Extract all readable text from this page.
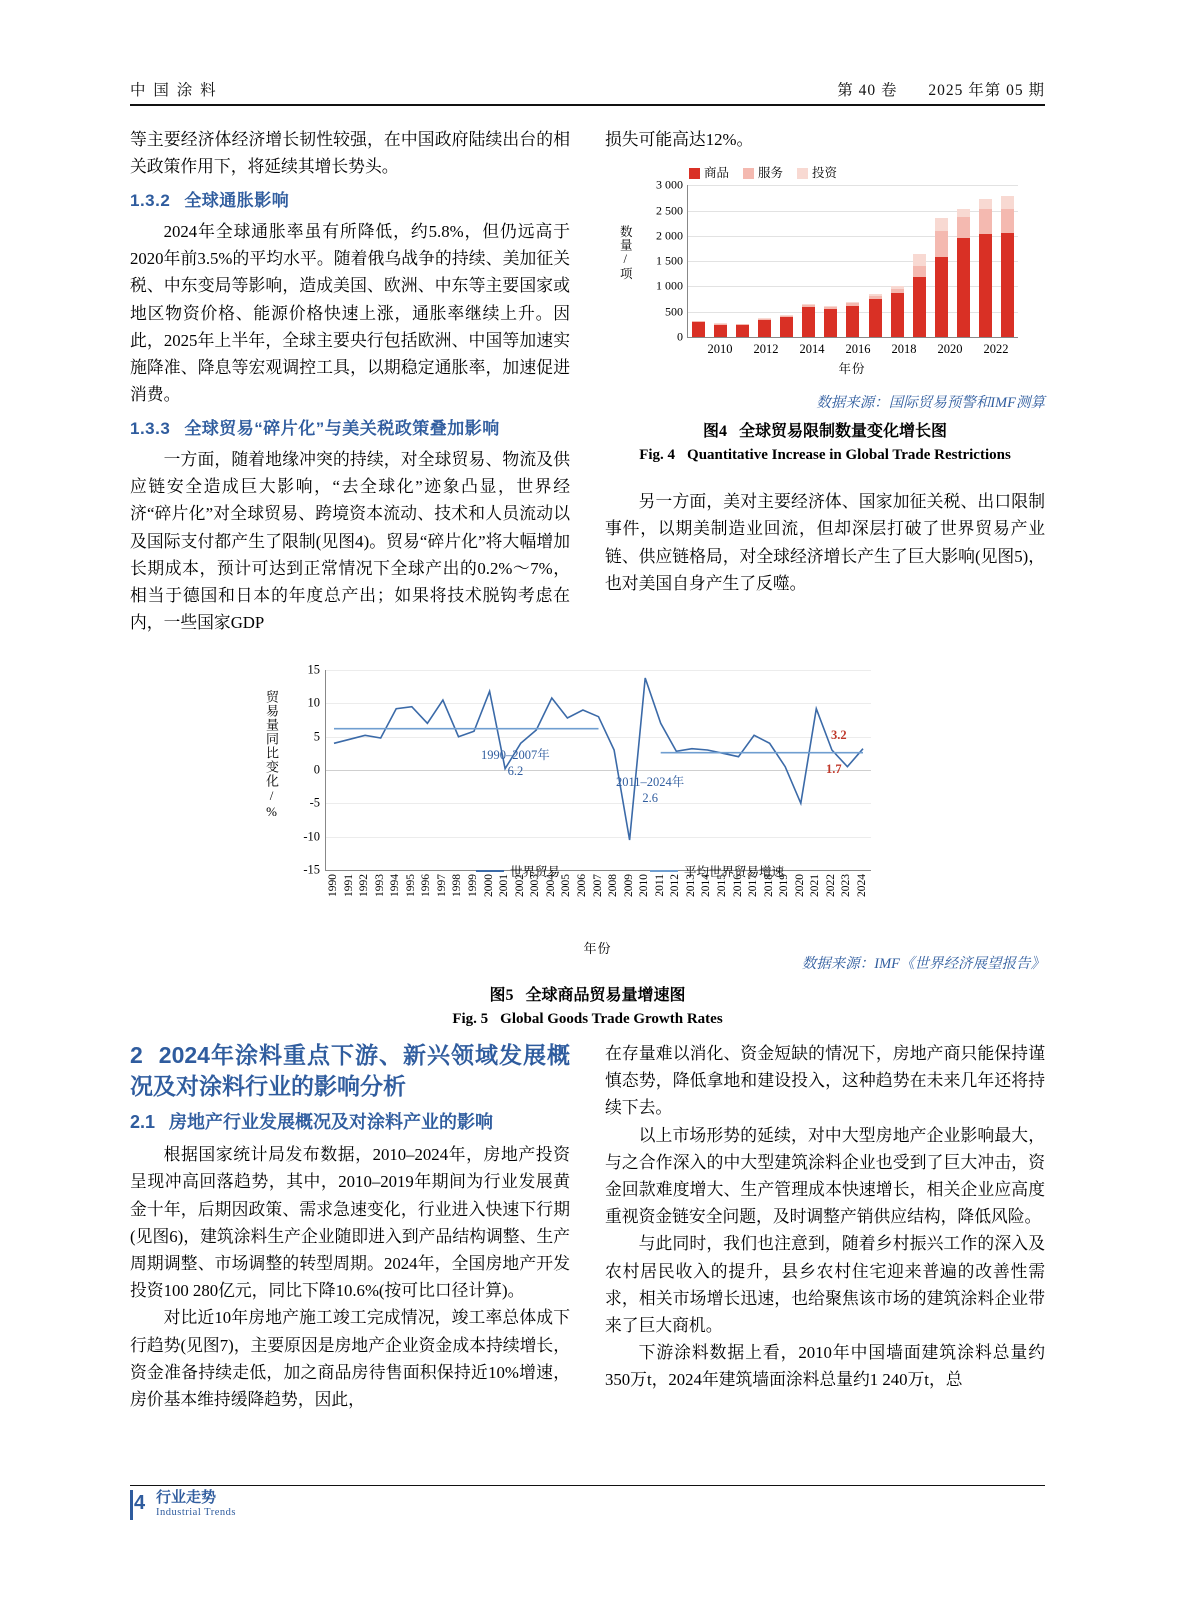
中 国 涂 料	第 40 卷 2025 年第 05 期

等主要经济体经济增长韧性较强，在中国政府陆续出台的相关政策作用下，将延续其增长势头。

1.3.2 全球通胀影响

2024年全球通胀率虽有所降低，约5.8%，但仍远高于2020年前3.5%的平均水平。随着俄乌战争的持续、美加征关税、中东变局等影响，造成美国、欧洲、中东等主要国家或地区物资价格、能源价格快速上涨，通胀率继续上升。因此，2025年上半年，全球主要央行包括欧洲、中国等加速实施降准、降息等宏观调控工具，以期稳定通胀率，加速促进消费。

1.3.3 全球贸易“碎片化”与美关税政策叠加影响

一方面，随着地缘冲突的持续，对全球贸易、物流及供应链安全造成巨大影响，“去全球化”迹象凸显，世界经济“碎片化”对全球贸易、跨境资本流动、技术和人员流动以及国际支付都产生了限制(见图4)。贸易“碎片化”将大幅增加长期成本，预计可达到正常情况下全球产出的0.2%～7%，相当于德国和日本的年度总产出；如果将技术脱钩考虑在内，一些国家GDP

损失可能高达12%。

商品 服务 投资
数量/项
0
500
1 000
1 500
2 000
2 500
3 000
2010 2012 2014 2016 2018 2020 2022
年份
数据来源：国际贸易预警和IMF测算
图4 全球贸易限制数量变化增长图
Fig. 4 Quantitative Increase in Global Trade Restrictions

另一方面，美对主要经济体、国家加征关税、出口限制事件，以期美制造业回流，但却深层打破了世界贸易产业链、供应链格局，对全球经济增长产生了巨大影响(见图5)，也对美国自身产生了反噬。

贸易量同比变化/%
15
10
5
0
-5
-10
-15
1990–2007年
6.2
2011–2024年
2.6
3.2
1.7
世界贸易	平均世界贸易增速
1990 1991 1992 1993 1994 1995 1996 1997 1998 1999 2000 2001 2002 2003 2004 2005 2006 2007 2008 2009 2010 2011 2012 2013 2014 2015 2016 2017 2018 2019 2020 2021 2022 2023 2024
年份
数据来源：IMF《世界经济展望报告》
图5 全球商品贸易量增速图
Fig. 5 Global Goods Trade Growth Rates
2 2024年涂料重点下游、新兴领域发展概况及对涂料行业的影响分析
2.1 房地产行业发展概况及对涂料产业的影响

根据国家统计局发布数据，2010–2024年，房地产投资呈现冲高回落趋势，其中，2010–2019年期间为行业发展黄金十年，后期因政策、需求急速变化，行业进入快速下行期(见图6)，建筑涂料生产企业随即进入到产品结构调整、生产周期调整、市场调整的转型周期。2024年，全国房地产开发投资100 280亿元，同比下降10.6%(按可比口径计算)。

对比近10年房地产施工竣工完成情况，竣工率总体成下行趋势(见图7)，主要原因是房地产企业资金成本持续增长，资金准备持续走低，加之商品房待售面积保持近10%增速，房价基本维持缓降趋势，因此，

在存量难以消化、资金短缺的情况下，房地产商只能保持谨慎态势，降低拿地和建设投入，这种趋势在未来几年还将持续下去。

以上市场形势的延续，对中大型房地产企业影响最大，与之合作深入的中大型建筑涂料企业也受到了巨大冲击，资金回款难度增大、生产管理成本快速增长，相关企业应高度重视资金链安全问题，及时调整产销供应结构，降低风险。

与此同时，我们也注意到，随着乡村振兴工作的深入及农村居民收入的提升，县乡农村住宅迎来普遍的改善性需求，相关市场增长迅速，也给聚焦该市场的建筑涂料企业带来了巨大商机。

下游涂料数据上看，2010年中国墙面建筑涂料总量约350万t，2024年建筑墙面涂料总量约1 240万t，总

4 行业走势
Industrial Trends
